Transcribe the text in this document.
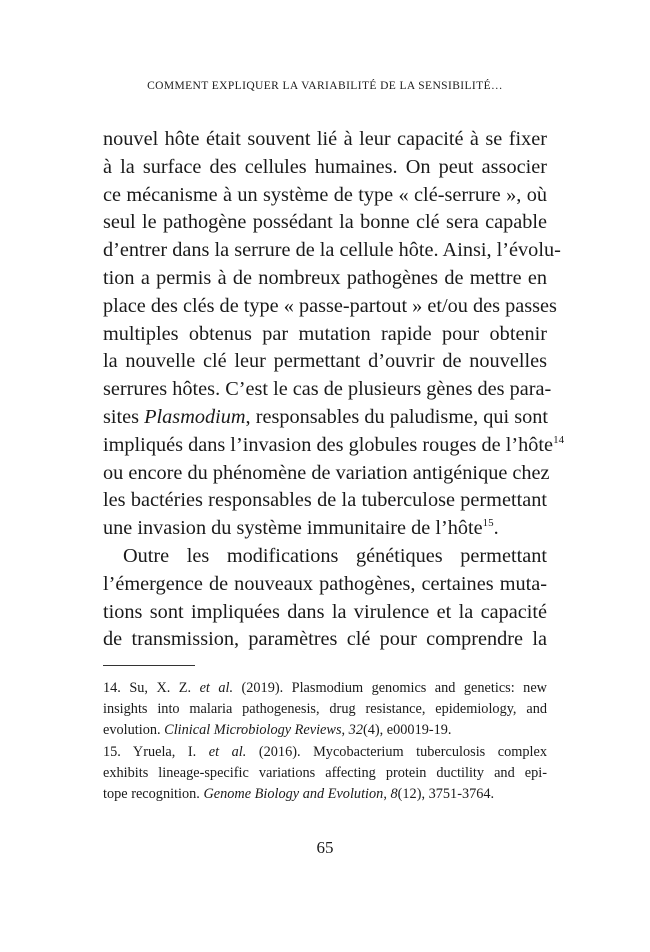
COMMENT EXPLIQUER LA VARIABILITÉ DE LA SENSIBILITÉ…
nouvel hôte était souvent lié à leur capacité à se fixer
à la surface des cellules humaines. On peut associer
ce mécanisme à un système de type « clé-serrure », où
seul le pathogène possédant la bonne clé sera capable
d’entrer dans la serrure de la cellule hôte. Ainsi, l’évolu-
tion a permis à de nombreux pathogènes de mettre en
place des clés de type « passe-partout » et/ou des passes
multiples obtenus par mutation rapide pour obtenir
la nouvelle clé leur permettant d’ouvrir de nouvelles
serrures hôtes. C’est le cas de plusieurs gènes des para-
sites Plasmodium, responsables du paludisme, qui sont
impliqués dans l’invasion des globules rouges de l’hôte$^{14}$
ou encore du phénomène de variation antigénique chez
les bactéries responsables de la tuberculose permettant
une invasion du système immunitaire de l’hôte$^{15}$.
Outre les modifications génétiques permettant
l’émergence de nouveaux pathogènes, certaines muta-
tions sont impliquées dans la virulence et la capacité
de transmission, paramètres clé pour comprendre la
14. Su, X. Z. et al. (2019). Plasmodium genomics and genetics: new
insights into malaria pathogenesis, drug resistance, epidemiology, and
evolution. Clinical Microbiology Reviews, 32(4), e00019-19.
15. Yruela, I. et al. (2016). Mycobacterium tuberculosis complex
exhibits lineage-specific variations affecting protein ductility and epi-
tope recognition. Genome Biology and Evolution, 8(12), 3751-3764.
65
